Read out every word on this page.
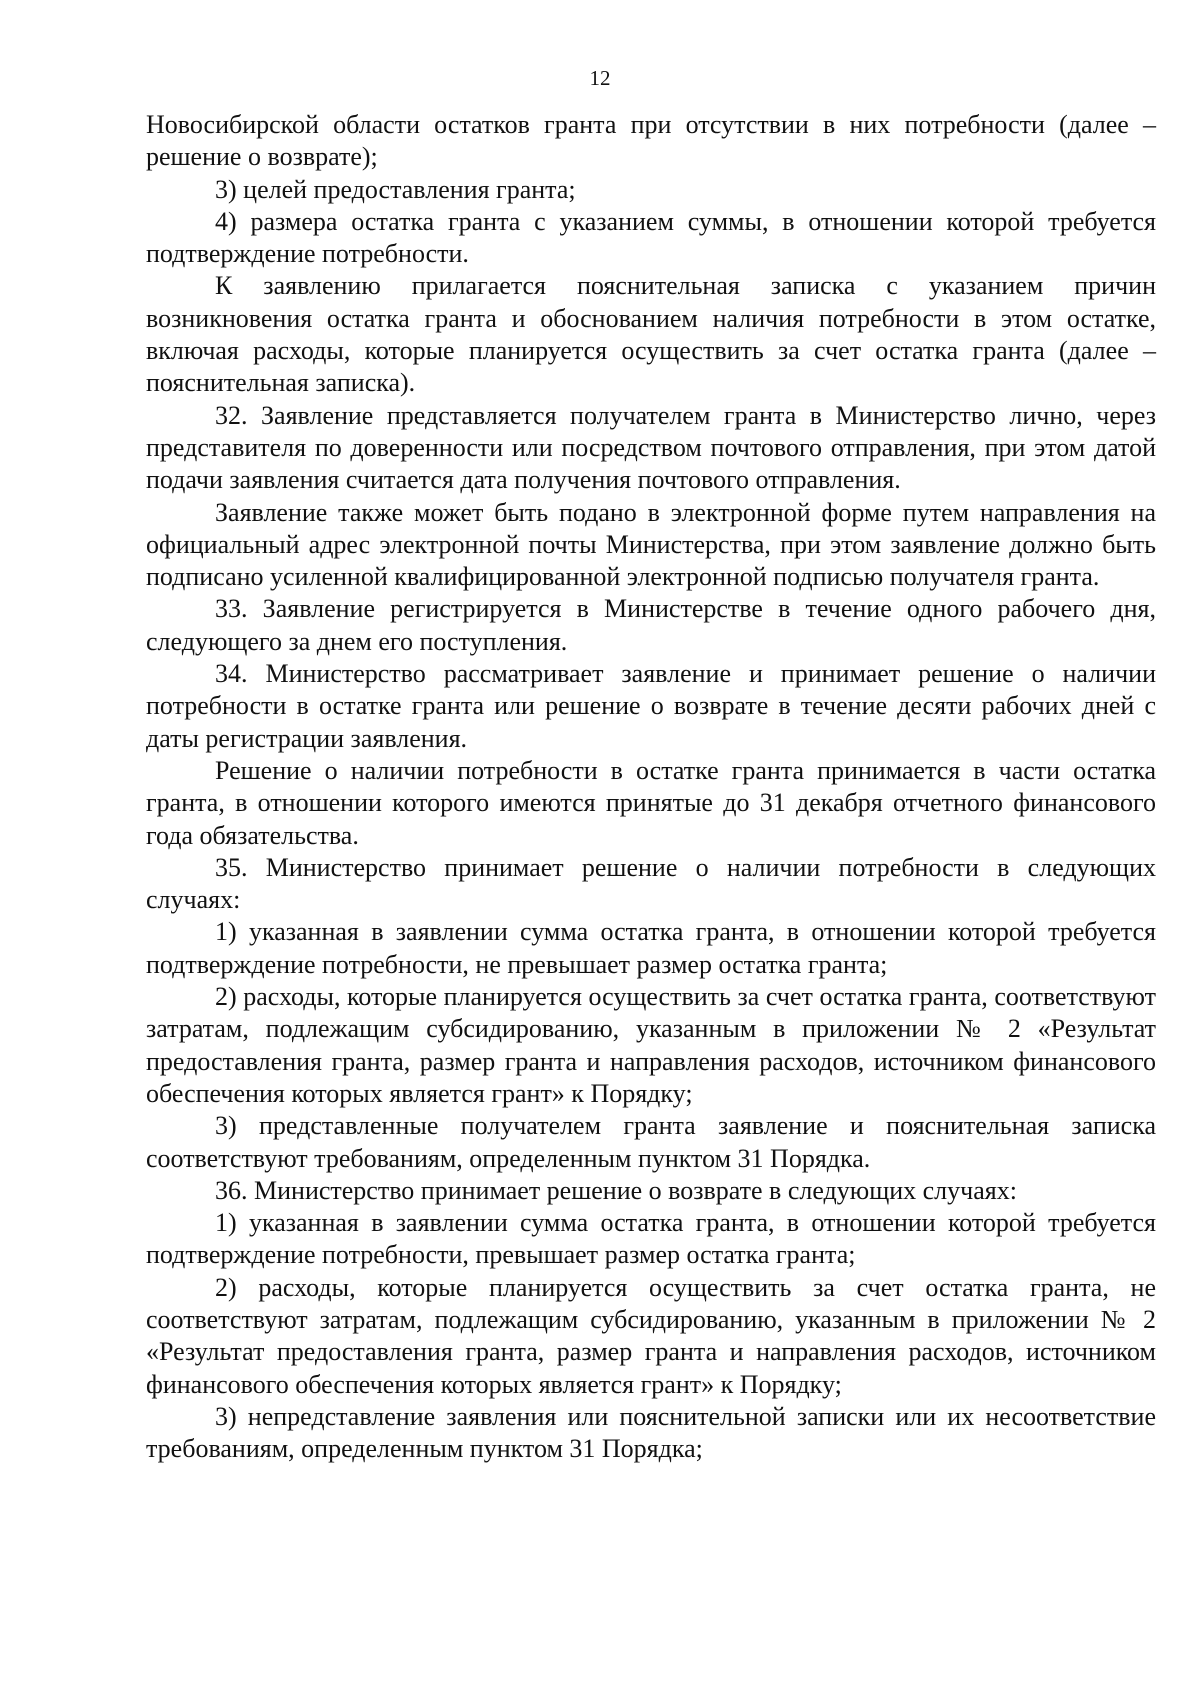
12

Новосибирской области остатков гранта при отсутствии в них потребности (далее – решение о возврате);

3) целей предоставления гранта;

4) размера остатка гранта с указанием суммы, в отношении которой требуется подтверждение потребности.

К заявлению прилагается пояснительная записка с указанием причин возникновения остатка гранта и обоснованием наличия потребности в этом остатке, включая расходы, которые планируется осуществить за счет остатка гранта (далее – пояснительная записка).

32. Заявление представляется получателем гранта в Министерство лично, через представителя по доверенности или посредством почтового отправления, при этом датой подачи заявления считается дата получения почтового отправления.

Заявление также может быть подано в электронной форме путем направления на официальный адрес электронной почты Министерства, при этом заявление должно быть подписано усиленной квалифицированной электронной подписью получателя гранта.

33. Заявление регистрируется в Министерстве в течение одного рабочего дня, следующего за днем его поступления.

34. Министерство рассматривает заявление и принимает решение о наличии потребности в остатке гранта или решение о возврате в течение десяти рабочих дней с даты регистрации заявления.

Решение о наличии потребности в остатке гранта принимается в части остатка гранта, в отношении которого имеются принятые до 31 декабря отчетного финансового года обязательства.

35. Министерство принимает решение о наличии потребности в следующих случаях:

1) указанная в заявлении сумма остатка гранта, в отношении которой требуется подтверждение потребности, не превышает размер остатка гранта;

2) расходы, которые планируется осуществить за счет остатка гранта, соответствуют затратам, подлежащим субсидированию, указанным в приложении № 2 «Результат предоставления гранта, размер гранта и направления расходов, источником финансового обеспечения которых является грант» к Порядку;

3) представленные получателем гранта заявление и пояснительная записка соответствуют требованиям, определенным пунктом 31 Порядка.

36. Министерство принимает решение о возврате в следующих случаях:

1) указанная в заявлении сумма остатка гранта, в отношении которой требуется подтверждение потребности, превышает размер остатка гранта;

2) расходы, которые планируется осуществить за счет остатка гранта, не соответствуют затратам, подлежащим субсидированию, указанным в приложении № 2 «Результат предоставления гранта, размер гранта и направления расходов, источником финансового обеспечения которых является грант» к Порядку;

3) непредставление заявления или пояснительной записки или их несоответствие требованиям, определенным пунктом 31 Порядка;
